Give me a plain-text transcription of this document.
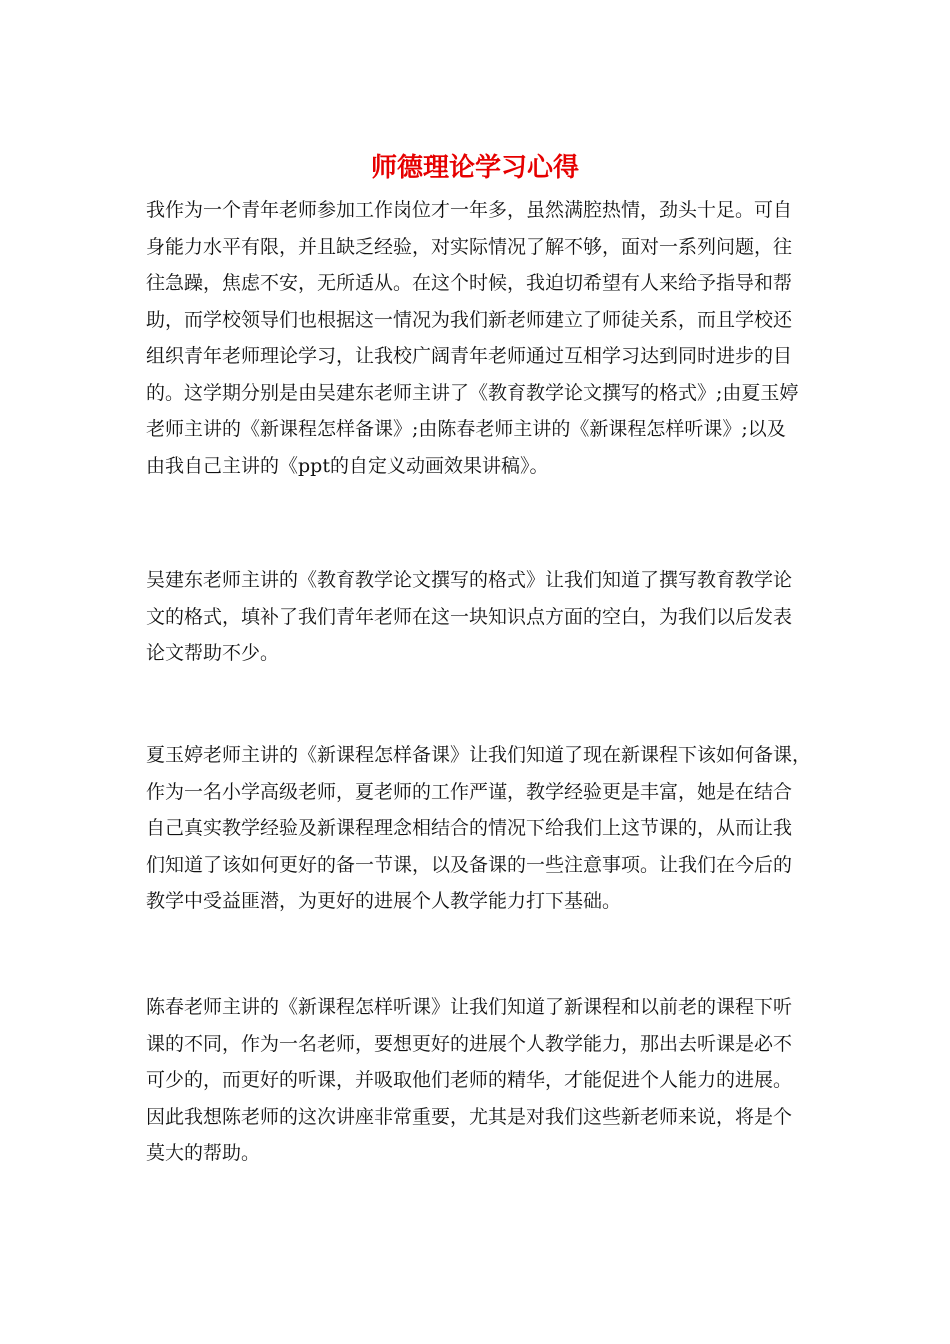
师德理论学习心得
我作为一个青年老师参加工作岗位才一年多，虽然满腔热情，劲头十足。可自
身能力水平有限，并且缺乏经验，对实际情况了解不够，面对一系列问题，往
往急躁，焦虑不安，无所适从。在这个时候，我迫切希望有人来给予指导和帮
助，而学校领导们也根据这一情况为我们新老师建立了师徒关系，而且学校还
组织青年老师理论学习，让我校广阔青年老师通过互相学习达到同时进步的目
的。这学期分别是由吴建东老师主讲了《教育教学论文撰写的格式》;由夏玉婷
老师主讲的《新课程怎样备课》;由陈春老师主讲的《新课程怎样听课》;以及
由我自己主讲的《ppt的自定义动画效果讲稿》。
吴建东老师主讲的《教育教学论文撰写的格式》让我们知道了撰写教育教学论
文的格式，填补了我们青年老师在这一块知识点方面的空白，为我们以后发表
论文帮助不少。
夏玉婷老师主讲的《新课程怎样备课》让我们知道了现在新课程下该如何备课，
作为一名小学高级老师，夏老师的工作严谨，教学经验更是丰富，她是在结合
自己真实教学经验及新课程理念相结合的情况下给我们上这节课的，从而让我
们知道了该如何更好的备一节课，以及备课的一些注意事项。让我们在今后的
教学中受益匪潜，为更好的进展个人教学能力打下基础。
陈春老师主讲的《新课程怎样听课》让我们知道了新课程和以前老的课程下听
课的不同，作为一名老师，要想更好的进展个人教学能力，那出去听课是必不
可少的，而更好的听课，并吸取他们老师的精华，才能促进个人能力的进展。
因此我想陈老师的这次讲座非常重要，尤其是对我们这些新老师来说，将是个
莫大的帮助。
